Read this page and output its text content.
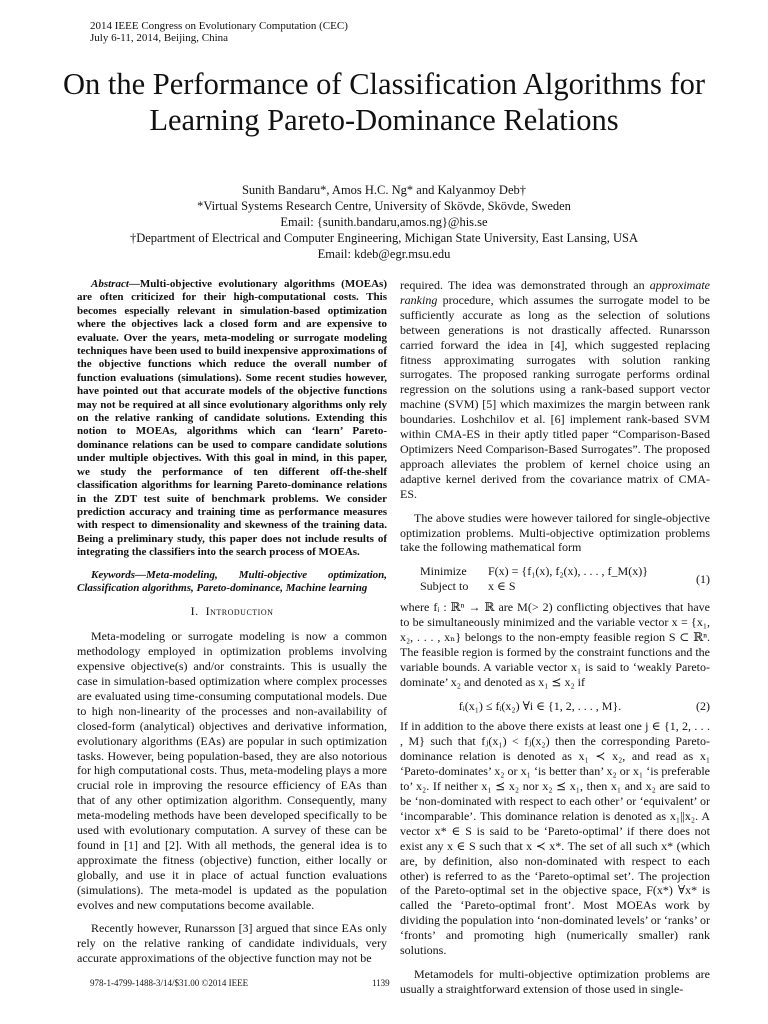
2014 IEEE Congress on Evolutionary Computation (CEC)
July 6-11, 2014, Beijing, China
On the Performance of Classification Algorithms for
Learning Pareto-Dominance Relations
Sunith Bandaru*, Amos H.C. Ng* and Kalyanmoy Deb†
*Virtual Systems Research Centre, University of Skövde, Skövde, Sweden
Email: {sunith.bandaru,amos.ng}@his.se
†Department of Electrical and Computer Engineering, Michigan State University, East Lansing, USA
Email: kdeb@egr.msu.edu

Abstract—Multi-objective evolutionary algorithms (MOEAs) are often criticized for their high-computational costs. This becomes especially relevant in simulation-based optimization where the objectives lack a closed form and are expensive to evaluate. Over the years, meta-modeling or surrogate modeling techniques have been used to build inexpensive approximations of the objective functions which reduce the overall number of function evaluations (simulations). Some recent studies however, have pointed out that accurate models of the objective functions may not be required at all since evolutionary algorithms only rely on the relative ranking of candidate solutions. Extending this notion to MOEAs, algorithms which can ‘learn’ Pareto-dominance relations can be used to compare candidate solutions under multiple objectives. With this goal in mind, in this paper, we study the performance of ten different off-the-shelf classification algorithms for learning Pareto-dominance relations in the ZDT test suite of benchmark problems. We consider prediction accuracy and training time as performance measures with respect to dimensionality and skewness of the training data. Being a preliminary study, this paper does not include results of integrating the classifiers into the search process of MOEAs.

Keywords—Meta-modeling, Multi-objective optimization, Classification algorithms, Pareto-dominance, Machine learning

I. Introduction

Meta-modeling or surrogate modeling is now a common methodology employed in optimization problems involving expensive objective(s) and/or constraints. This is usually the case in simulation-based optimization where complex processes are evaluated using time-consuming computational models. Due to high non-linearity of the processes and non-availability of closed-form (analytical) objectives and derivative information, evolutionary algorithms (EAs) are popular in such optimization tasks. However, being population-based, they are also notorious for high computational costs. Thus, meta-modeling plays a more crucial role in improving the resource efficiency of EAs than that of any other optimization algorithm. Consequently, many meta-modeling methods have been developed specifically to be used with evolutionary computation. A survey of these can be found in [1] and [2]. With all methods, the general idea is to approximate the fitness (objective) function, either locally or globally, and use it in place of actual function evaluations (simulations). The meta-model is updated as the population evolves and new computations become available.

Recently however, Runarsson [3] argued that since EAs only rely on the relative ranking of candidate individuals, very accurate approximations of the objective function may not be

required. The idea was demonstrated through an approximate ranking procedure, which assumes the surrogate model to be sufficiently accurate as long as the selection of solutions between generations is not drastically affected. Runarsson carried forward the idea in [4], which suggested replacing fitness approximating surrogates with solution ranking surrogates. The proposed ranking surrogate performs ordinal regression on the solutions using a rank-based support vector machine (SVM) [5] which maximizes the margin between rank boundaries. Loshchilov et al. [6] implement rank-based SVM within CMA-ES in their aptly titled paper “Comparison-Based Optimizers Need Comparison-Based Surrogates”. The proposed approach alleviates the problem of kernel choice using an adaptive kernel derived from the covariance matrix of CMA-ES.

The above studies were however tailored for single-objective optimization problems. Multi-objective optimization problems take the following mathematical form

Minimize	F(x) = {f₁(x), f₂(x), . . . , f_M(x)}
Subject to	x ∈ S
(1)

where fᵢ : ℝⁿ → ℝ are M(> 2) conflicting objectives that have to be simultaneously minimized and the variable vector x = {x₁, x₂, . . . , xₙ} belongs to the non-empty feasible region S ⊂ ℝⁿ. The feasible region is formed by the constraint functions and the variable bounds. A variable vector x₁ is said to ‘weakly Pareto-dominate’ x₂ and denoted as x₁ ⪯ x₂ if

fᵢ(x₁) ≤ fᵢ(x₂) ∀i ∈ {1, 2, . . . , M}.	(2)

If in addition to the above there exists at least one j ∈ {1, 2, . . . , M} such that fⱼ(x₁) < fⱼ(x₂) then the corresponding Pareto-dominance relation is denoted as x₁ ≺ x₂, and read as x₁ ‘Pareto-dominates’ x₂ or x₁ ‘is better than’ x₂ or x₁ ‘is preferable to’ x₂. If neither x₁ ⪯ x₂ nor x₂ ⪯ x₁, then x₁ and x₂ are said to be ‘non-dominated with respect to each other’ or ‘equivalent’ or ‘incomparable’. This dominance relation is denoted as x₁||x₂. A vector x* ∈ S is said to be ‘Pareto-optimal’ if there does not exist any x ∈ S such that x ≺ x*. The set of all such x* (which are, by definition, also non-dominated with respect to each other) is referred to as the ‘Pareto-optimal set’. The projection of the Pareto-optimal set in the objective space, F(x*) ∀x* is called the ‘Pareto-optimal front’. Most MOEAs work by dividing the population into ‘non-dominated levels’ or ‘ranks’ or ‘fronts’ and promoting high (numerically smaller) rank solutions.

Metamodels for multi-objective optimization problems are usually a straightforward extension of those used in single-

978-1-4799-1488-3/14/$31.00 ©2014 IEEE	1139
